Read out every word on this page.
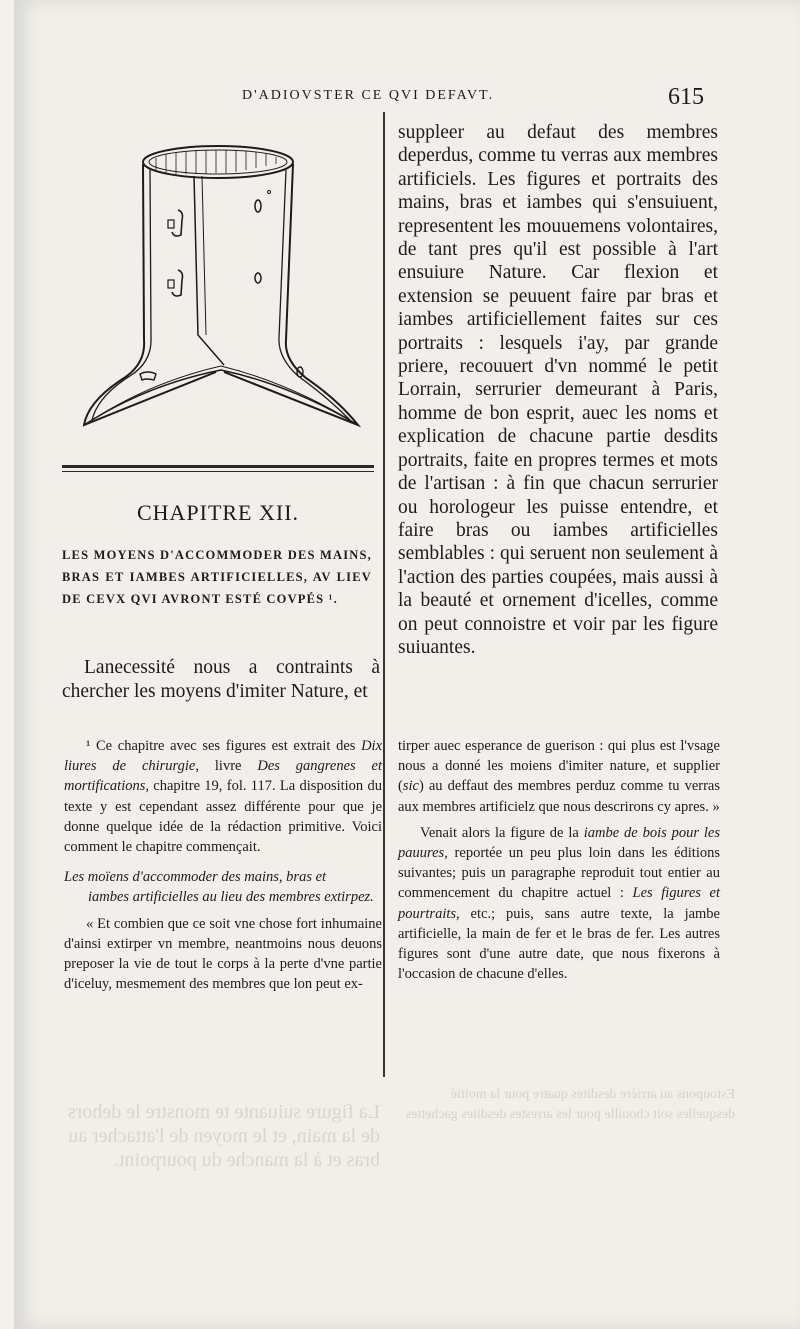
D'ADIOVSTER CE QVI DEFAVT.	615
CHAPITRE XII.
LES MOYENS D'ACCOMMODER DES MAINS, BRAS ET IAMBES ARTIFICIELLES, AV LIEV DE CEVX QVI AVRONT ESTÉ COVPÉS ¹.

Lanecessité nous a contraints à chercher les moyens d'imiter Nature, et

suppleer au defaut des membres deperdus, comme tu verras aux membres artificiels. Les figures et portraits des mains, bras et iambes qui s'ensuiuent, representent les mouuemens volontaires, de tant pres qu'il est possible à l'art ensuiure Nature. Car flexion et extension se peuuent faire par bras et iambes artificiellement faites sur ces portraits : lesquels i'ay, par grande priere, recouuert d'vn nommé le petit Lorrain, serrurier demeurant à Paris, homme de bon esprit, auec les noms et explication de chacune partie desdits portraits, faite en propres termes et mots de l'artisan : à fin que chacun serrurier ou horologeur les puisse entendre, et faire bras ou iambes artificielles semblables : qui seruent non seulement à l'action des parties coupées, mais aussi à la beauté et ornement d'icelles, comme on peut connoistre et voir par les figure suiuantes.

¹ Ce chapitre avec ses figures est extrait des Dix liures de chirurgie, livre Des gangrenes et mortifications, chapitre 19, fol. 117. La disposition du texte y est cependant assez différente pour que je donne quelque idée de la rédaction primitive. Voici comment le chapitre commençait.

Les moïens d'accommoder des mains, bras et
iambes artificielles au lieu des membres extirpez.

« Et combien que ce soit vne chose fort inhumaine d'ainsi extirper vn membre, neantmoins nous deuons preposer la vie de tout le corps à la perte d'vne partie d'iceluy, mesmement des membres que lon peut ex-

tirper auec esperance de guerison : qui plus est l'vsage nous a donné les moiens d'imiter nature, et supplier (sic) au deffaut des membres perduz comme tu verras aux membres artificielz que nous descrirons cy apres. »

Venait alors la figure de la iambe de bois pour les pauures, reportée un peu plus loin dans les éditions suivantes; puis un paragraphe reproduit tout entier au commencement du chapitre actuel : Les figures et pourtraits, etc.; puis, sans autre texte, la jambe artificielle, la main de fer et le bras de fer. Les autres figures sont d'une autre date, que nous fixerons à l'occasion de chacune d'elles.

La figure suiuante te monstre le dehors de la main, et le moyen de l'attacher au bras et à la manche du pourpoint.
Estoupons au arrière desdites quatre pour la moitié desquelles soit chouille pour les arrestes desdites gachettes
